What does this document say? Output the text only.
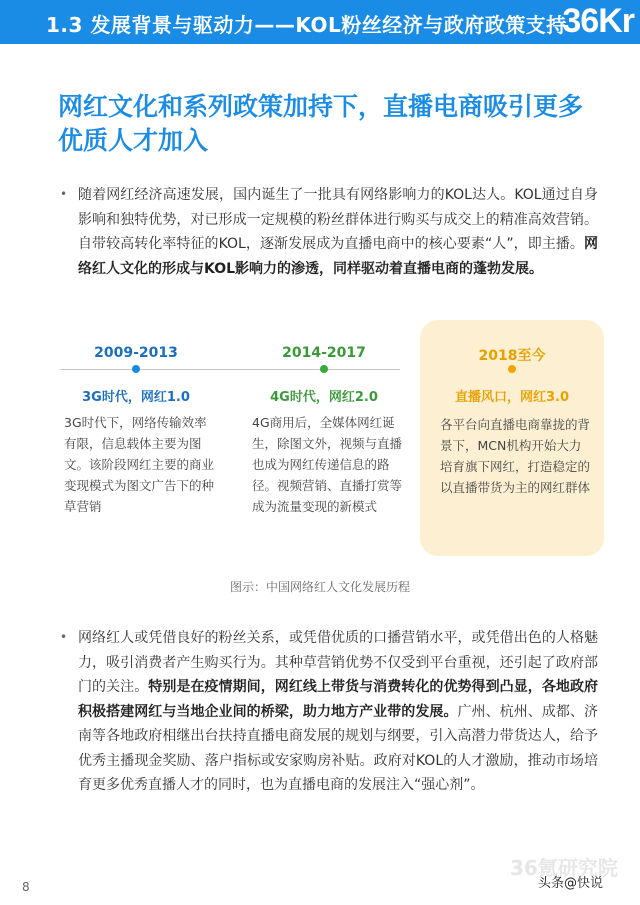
1.3 发展背景与驱动力——KOL粉丝经济与政府政策支持
36Kr
网红文化和系列政策加持下，直播电商吸引更多优质人才加入
• 随着网红经济高速发展，国内诞生了一批具有网络影响力的KOL达人。KOL通过自身影响和独特优势，对已形成一定规模的粉丝群体进行购买与成交上的精准高效营销。自带较高转化率特征的KOL，逐渐发展成为直播电商中的核心要素“人”，即主播。网络红人文化的形成与KOL影响力的渗透，同样驱动着直播电商的蓬勃发展。
2009-2013
3G时代，网红1.0
3G时代下，网络传输效率有限，信息载体主要为图文。该阶段网红主要的商业变现模式为图文广告下的种草营销
2014-2017
4G时代，网红2.0
4G商用后，全媒体网红诞生，除图文外，视频与直播也成为网红传递信息的路径。视频营销、直播打赏等成为流量变现的新模式
2018至今
直播风口，网红3.0
各平台向直播电商靠拢的背景下，MCN机构开始大力培育旗下网红，打造稳定的以直播带货为主的网红群体
图示：中国网络红人文化发展历程
• 网络红人或凭借良好的粉丝关系，或凭借优质的口播营销水平，或凭借出色的人格魅力，吸引消费者产生购买行为。其种草营销优势不仅受到平台重视，还引起了政府部门的关注。特别是在疫情期间，网红线上带货与消费转化的优势得到凸显，各地政府积极搭建网红与当地企业间的桥梁，助力地方产业带的发展。广州、杭州、成都、济南等各地政府相继出台扶持直播电商发展的规划与纲要，引入高潜力带货达人，给予优秀主播现金奖励、落户指标或安家购房补贴。政府对KOL的人才激励，推动市场培育更多优秀直播人才的同时，也为直播电商的发展注入“强心剂”。
36氪研究院
头条@快说
8
